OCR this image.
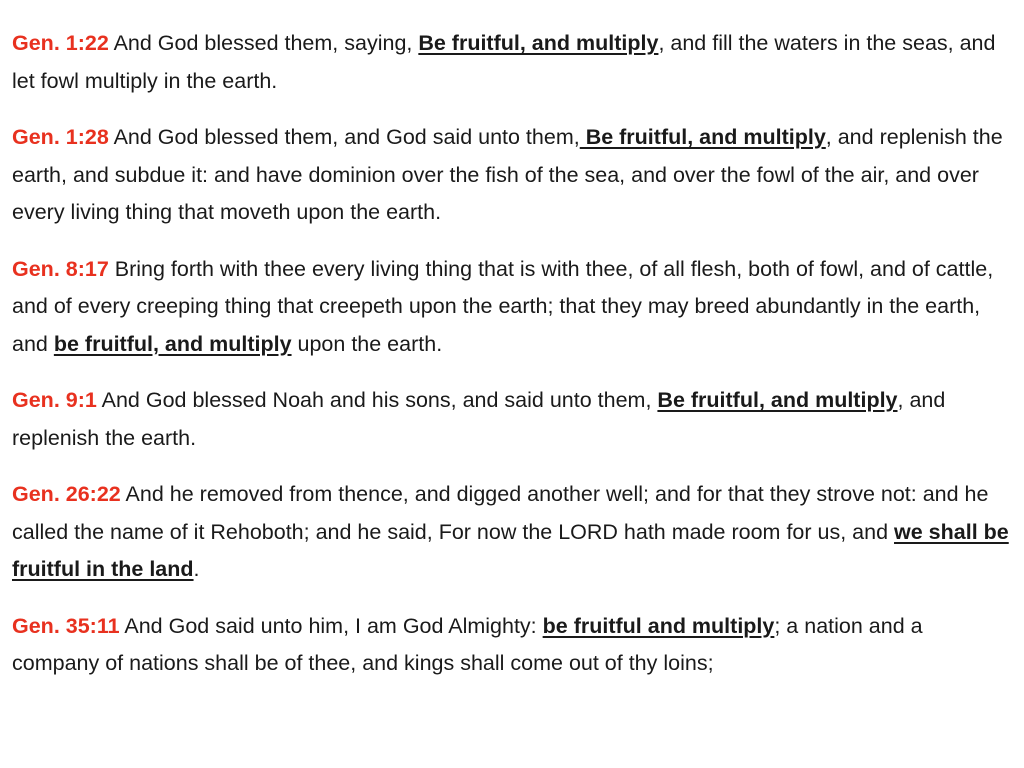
Gen. 1:22 And God blessed them, saying, Be fruitful, and multiply, and fill the waters in the seas, and let fowl multiply in the earth.

Gen. 1:28 And God blessed them, and God said unto them, Be fruitful, and multiply, and replenish the earth, and subdue it: and have dominion over the fish of the sea, and over the fowl of the air, and over every living thing that moveth upon the earth.

Gen. 8:17 Bring forth with thee every living thing that is with thee, of all flesh, both of fowl, and of cattle, and of every creeping thing that creepeth upon the earth; that they may breed abundantly in the earth, and be fruitful, and multiply upon the earth.

Gen. 9:1 And God blessed Noah and his sons, and said unto them, Be fruitful, and multiply, and replenish the earth.

Gen. 26:22 And he removed from thence, and digged another well; and for that they strove not: and he called the name of it Rehoboth; and he said, For now the LORD hath made room for us, and we shall be fruitful in the land.

Gen. 35:11 And God said unto him, I am God Almighty: be fruitful and multiply; a nation and a company of nations shall be of thee, and kings shall come out of thy loins;
